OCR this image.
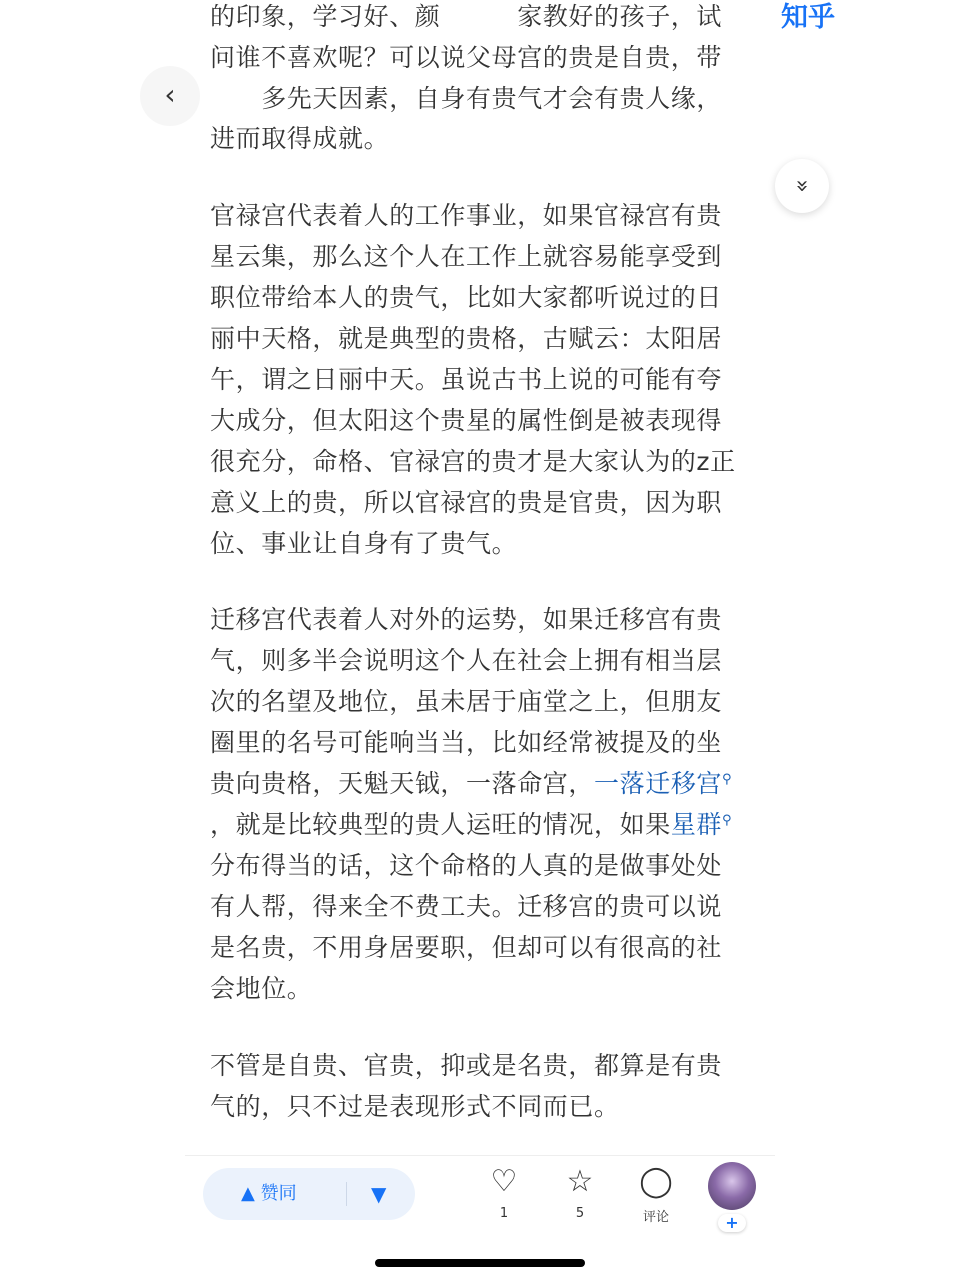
的印象，学习好、颜　　　家教好的孩子，试
问谁不喜欢呢？可以说父母宫的贵是自贵，带
　　多先天因素，自身有贵气才会有贵人缘，
进而取得成就。
官禄宫代表着人的工作事业，如果官禄宫有贵
星云集，那么这个人在工作上就容易能享受到
职位带给本人的贵气，比如大家都听说过的日
丽中天格，就是典型的贵格，古赋云：太阳居
午，谓之日丽中天。虽说古书上说的可能有夸
大成分，但太阳这个贵星的属性倒是被表现得
很充分，命格、官禄宫的贵才是大家认为的z正
意义上的贵，所以官禄宫的贵是官贵，因为职
位、事业让自身有了贵气。
迁移宫代表着人对外的运势，如果迁移宫有贵
气，则多半会说明这个人在社会上拥有相当层
次的名望及地位，虽未居于庙堂之上，但朋友
圈里的名号可能响当当，比如经常被提及的坐
贵向贵格，天魁天钺，一落命宫，一落迁移宫⚲
，就是比较典型的贵人运旺的情况，如果星群⚲
分布得当的话，这个命格的人真的是做事处处
有人帮，得来全不费工夫。迁移宫的贵可以说
是名贵，不用身居要职，但却可以有很高的社
会地位。
不管是自贵、官贵，抑或是名贵，都算是有贵
气的，只不过是表现形式不同而已。
知乎
‹
»
▲ 赞同	▼	♡
1
☆
5
◯
评论	+
